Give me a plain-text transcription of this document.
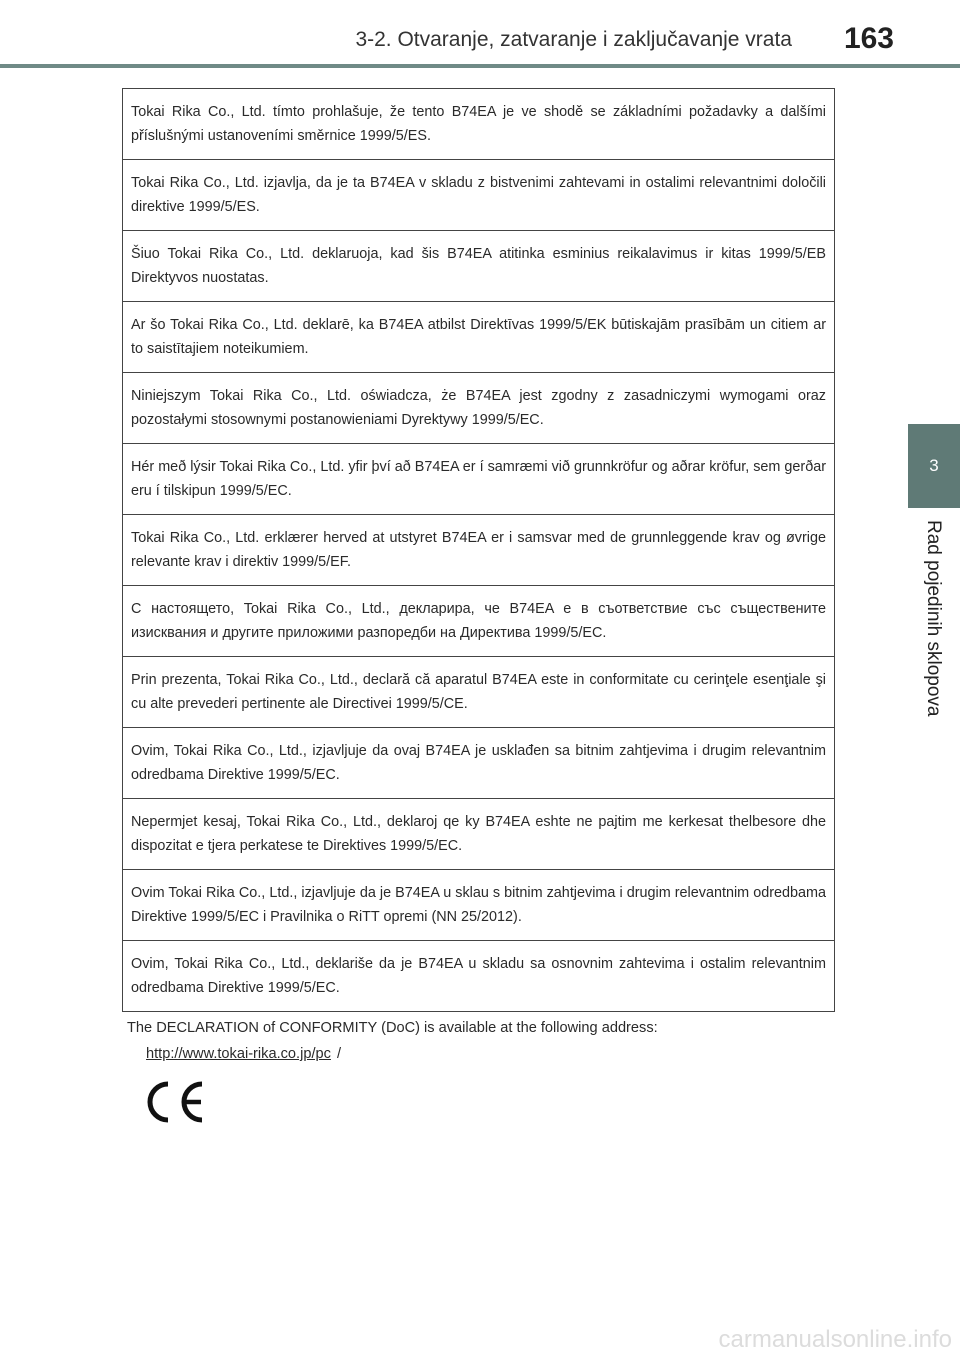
3-2. Otvaranje, zatvaranje i zaključavanje vrata 163
3
Rad pojedinih sklopova
Tokai Rika Co., Ltd. tímto prohlašuje, že tento B74EA je ve shodě se základními požadavky a dalšími příslušnými ustanoveními směrnice 1999/5/ES.
Tokai Rika Co., Ltd. izjavlja, da je ta B74EA v skladu z bistvenimi zahtevami in ostalimi relevantnimi določili direktive 1999/5/ES.
Šiuo Tokai Rika Co., Ltd. deklaruoja, kad šis B74EA atitinka esminius reikalavimus ir kitas 1999/5/EB Direktyvos nuostatas.
Ar šo Tokai Rika Co., Ltd. deklarē, ka B74EA atbilst Direktīvas 1999/5/EK būtiskajām prasībām un citiem ar to saistītajiem noteikumiem.
Niniejszym Tokai Rika Co., Ltd. oświadcza, że B74EA jest zgodny z zasadniczymi wymogami oraz pozostałymi stosownymi postanowieniami Dyrektywy 1999/5/EC.
Hér með lýsir Tokai Rika Co., Ltd. yfir því að B74EA er í samræmi við grunnkröfur og aðrar kröfur, sem gerðar eru í tilskipun 1999/5/EC.
Tokai Rika Co., Ltd. erklærer herved at utstyret B74EA er i samsvar med de grunnleggende krav og øvrige relevante krav i direktiv 1999/5/EF.
С настоящето, Tokai Rika Co., Ltd., декларира, че B74EA е в съответствие със съществените изисквания и другите приложими разпоредби на Директива 1999/5/EC.
Prin prezenta, Tokai Rika Co., Ltd., declară că aparatul B74EA este in conformitate cu cerinţele esenţiale şi cu alte prevederi pertinente ale Directivei 1999/5/CE.
Ovim, Tokai Rika Co., Ltd., izjavljuje da ovaj B74EA je usklađen sa bitnim zahtjevima i drugim relevantnim odredbama Direktive 1999/5/EC.
Nepermjet kesaj, Tokai Rika Co., Ltd., deklaroj qe ky B74EA eshte ne pajtim me kerkesat thelbesore dhe dispozitat e tjera perkatese te Direktives 1999/5/EC.
Ovim Tokai Rika Co., Ltd., izjavljuje da je B74EA u sklau s bitnim zahtjevima i drugim relevantnim odredbama Direktive 1999/5/EC i Pravilnika o RiTT opremi (NN 25/2012).
Ovim, Tokai Rika Co., Ltd., deklariše da je B74EA u skladu sa osnovnim zahtevima i ostalim relevantnim odredbama Direktive 1999/5/EC.
The DECLARATION of CONFORMITY (DoC) is available at the following address:
http://www.tokai-rika.co.jp/pc /
carmanualsonline.info
